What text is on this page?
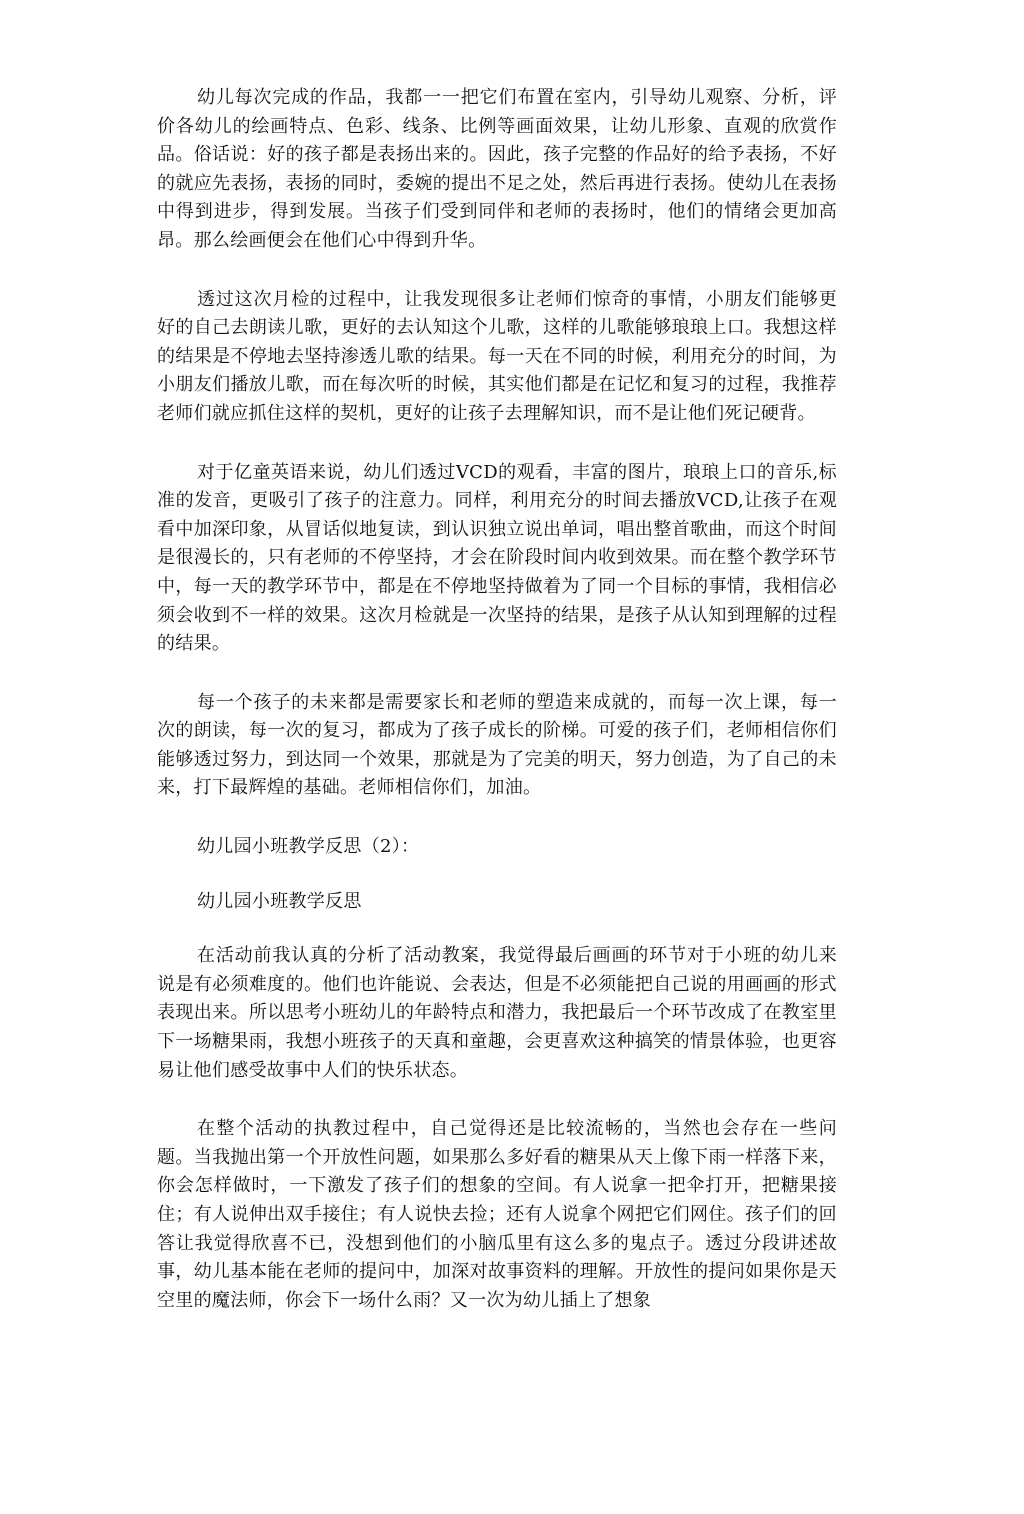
幼儿每次完成的作品，我都一一把它们布置在室内，引导幼儿观察、分析，评价各幼儿的绘画特点、色彩、线条、比例等画面效果，让幼儿形象、直观的欣赏作品。俗话说：好的孩子都是表扬出来的。因此，孩子完整的作品好的给予表扬，不好的就应先表扬，表扬的同时，委婉的提出不足之处，然后再进行表扬。使幼儿在表扬中得到进步，得到发展。当孩子们受到同伴和老师的表扬时，他们的情绪会更加高昂。那么绘画便会在他们心中得到升华。

透过这次月检的过程中，让我发现很多让老师们惊奇的事情，小朋友们能够更好的自己去朗读儿歌，更好的去认知这个儿歌，这样的儿歌能够琅琅上口。我想这样的结果是不停地去坚持渗透儿歌的结果。每一天在不同的时候，利用充分的时间，为小朋友们播放儿歌，而在每次听的时候，其实他们都是在记忆和复习的过程，我推荐老师们就应抓住这样的契机，更好的让孩子去理解知识，而不是让他们死记硬背。

对于亿童英语来说，幼儿们透过VCD的观看，丰富的图片，琅琅上口的音乐,标准的发音，更吸引了孩子的注意力。同样，利用充分的时间去播放VCD,让孩子在观看中加深印象，从冒话似地复读，到认识独立说出单词，唱出整首歌曲，而这个时间是很漫长的，只有老师的不停坚持，才会在阶段时间内收到效果。而在整个教学环节中，每一天的教学环节中，都是在不停地坚持做着为了同一个目标的事情，我相信必须会收到不一样的效果。这次月检就是一次坚持的结果，是孩子从认知到理解的过程的结果。

每一个孩子的未来都是需要家长和老师的塑造来成就的，而每一次上课，每一次的朗读，每一次的复习，都成为了孩子成长的阶梯。可爱的孩子们，老师相信你们能够透过努力，到达同一个效果，那就是为了完美的明天，努力创造，为了自己的未来，打下最辉煌的基础。老师相信你们，加油。

幼儿园小班教学反思（2）：

幼儿园小班教学反思

在活动前我认真的分析了活动教案，我觉得最后画画的环节对于小班的幼儿来说是有必须难度的。他们也许能说、会表达，但是不必须能把自己说的用画画的形式表现出来。所以思考小班幼儿的年龄特点和潜力，我把最后一个环节改成了在教室里下一场糖果雨，我想小班孩子的天真和童趣，会更喜欢这种搞笑的情景体验，也更容易让他们感受故事中人们的快乐状态。

在整个活动的执教过程中，自己觉得还是比较流畅的，当然也会存在一些问题。当我抛出第一个开放性问题，如果那么多好看的糖果从天上像下雨一样落下来，你会怎样做时，一下激发了孩子们的想象的空间。有人说拿一把伞打开，把糖果接住；有人说伸出双手接住；有人说快去捡；还有人说拿个网把它们网住。孩子们的回答让我觉得欣喜不已，没想到他们的小脑瓜里有这么多的鬼点子。透过分段讲述故事，幼儿基本能在老师的提问中，加深对故事资料的理解。开放性的提问如果你是天空里的魔法师，你会下一场什么雨？又一次为幼儿插上了想象
